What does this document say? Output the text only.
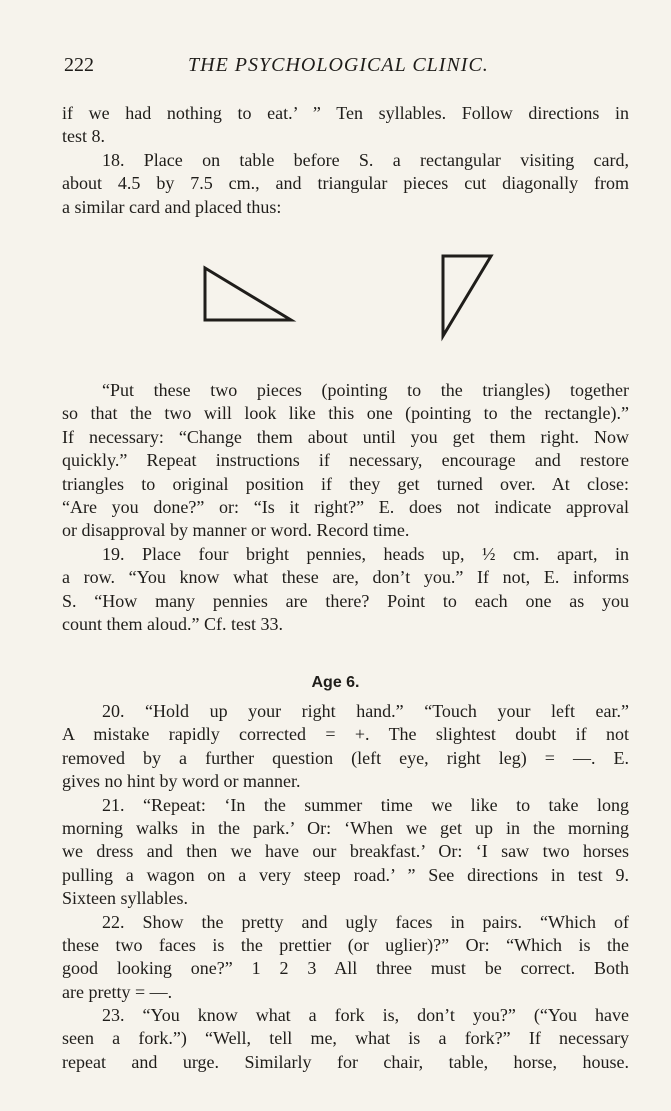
222	THE PSYCHOLOGICAL CLINIC.
if we had nothing to eat.’ ” Ten syllables. Follow directions in
test 8.
18. Place on table before S. a rectangular visiting card,
about 4.5 by 7.5 cm., and triangular pieces cut diagonally from
a similar card and placed thus:
“Put these two pieces (pointing to the triangles) together
so that the two will look like this one (pointing to the rectangle).”
If necessary: “Change them about until you get them right. Now
quickly.” Repeat instructions if necessary, encourage and restore
triangles to original position if they get turned over. At close:
“Are you done?” or: “Is it right?” E. does not indicate approval
or disapproval by manner or word. Record time.
19. Place four bright pennies, heads up, ½ cm. apart, in
a row. “You know what these are, don’t you.” If not, E. informs
S. “How many pennies are there? Point to each one as you
count them aloud.” Cf. test 33.
Age 6.
20. “Hold up your right hand.” “Touch your left ear.”
A mistake rapidly corrected = +. The slightest doubt if not
removed by a further question (left eye, right leg) = —. E.
gives no hint by word or manner.
21. “Repeat: ‘In the summer time we like to take long
morning walks in the park.’ Or: ‘When we get up in the morning
we dress and then we have our breakfast.’ Or: ‘I saw two horses
pulling a wagon on a very steep road.’ ” See directions in test 9.
Sixteen syllables.
22. Show the pretty and ugly faces in pairs. “Which of
these two faces is the prettier (or uglier)?” Or: “Which is the
good looking one?” 1 2 3 All three must be correct. Both
are pretty = —.
23. “You know what a fork is, don’t you?” (“You have
seen a fork.”) “Well, tell me, what is a fork?” If necessary
repeat and urge. Similarly for chair, table, horse, house.
